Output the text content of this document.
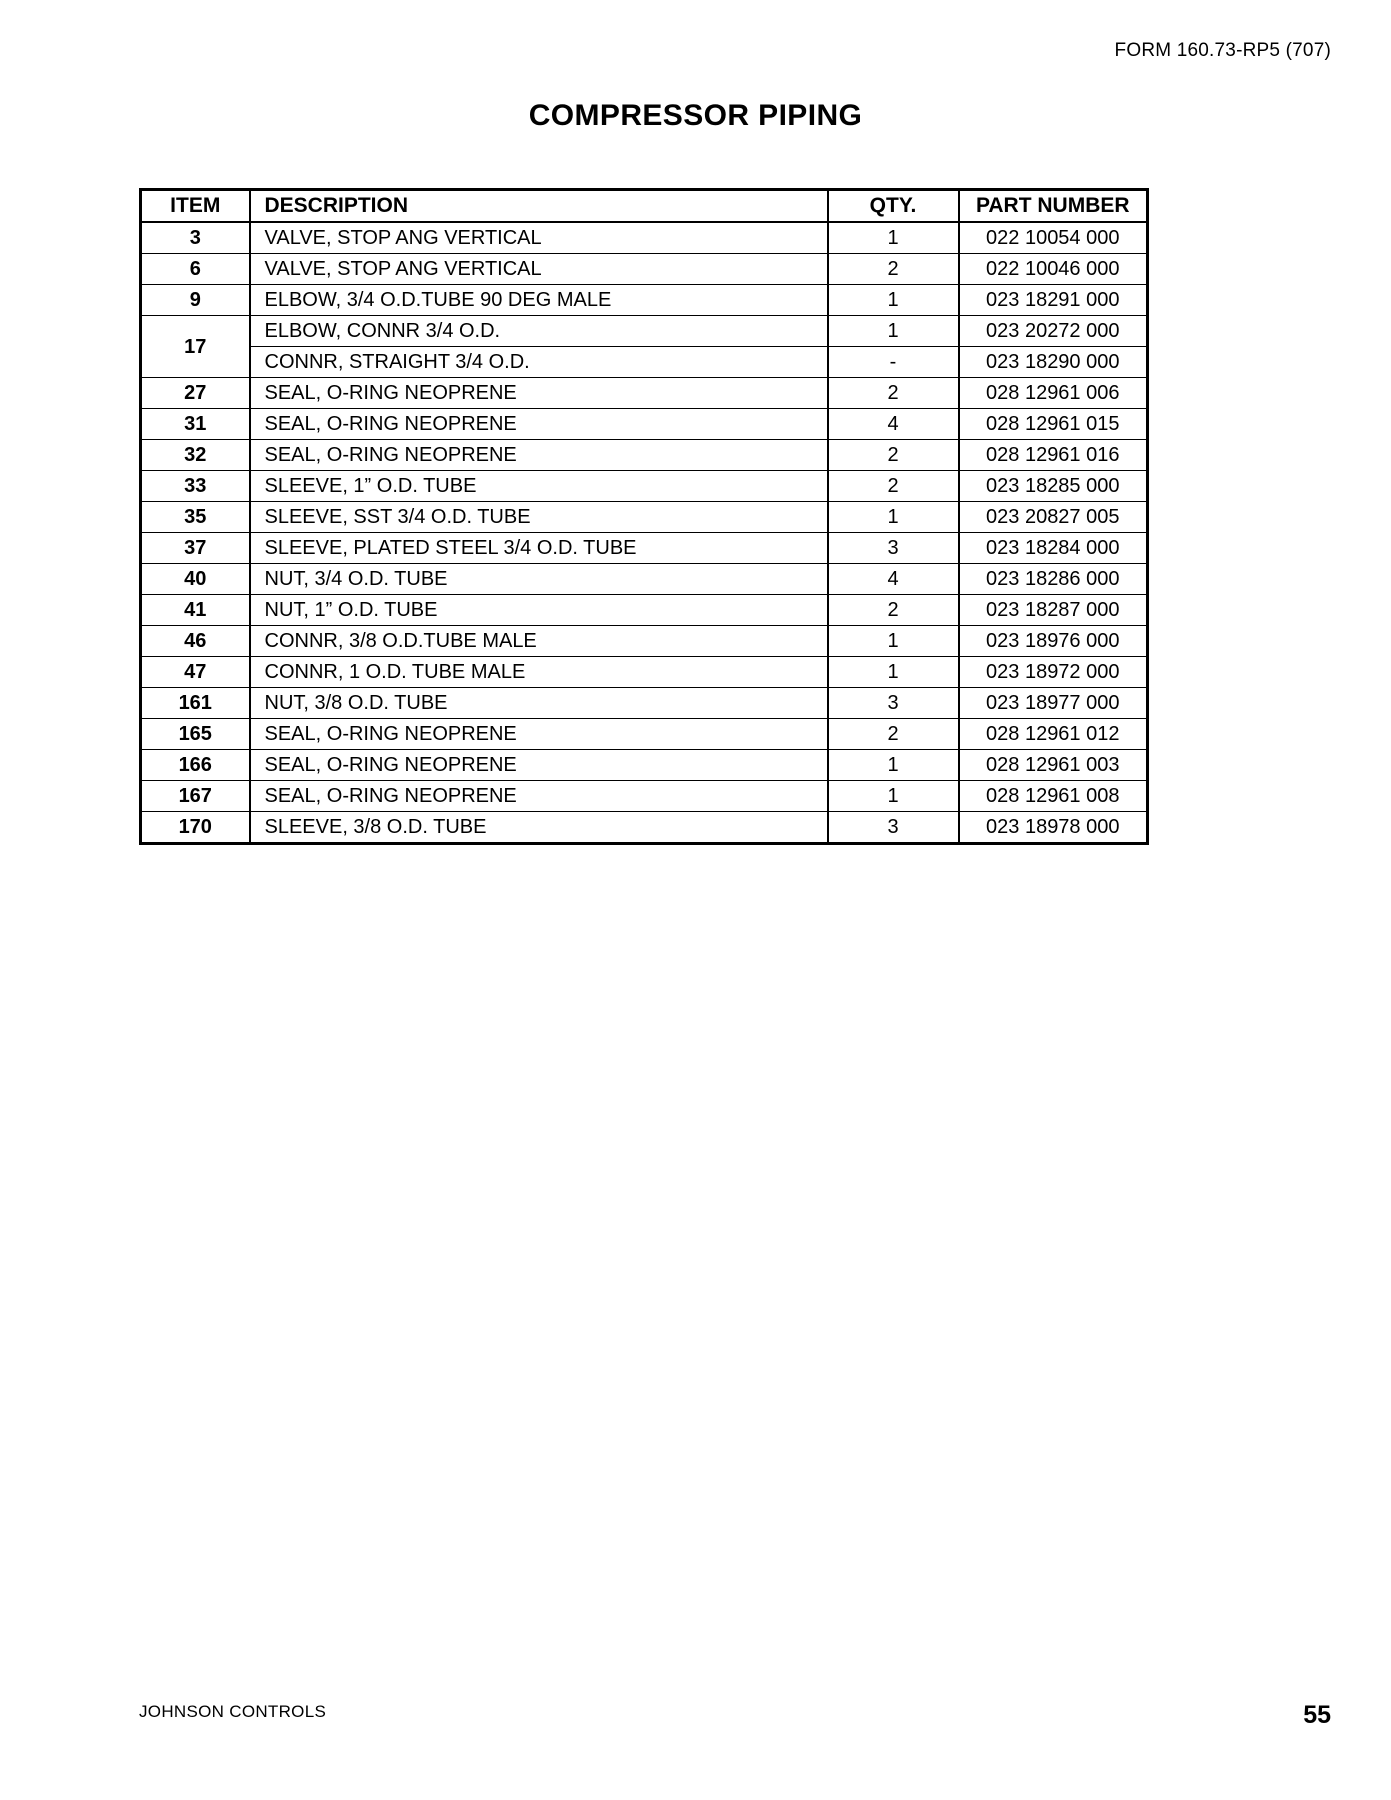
FORM 160.73-RP5 (707)
COMPRESSOR PIPING
ITEM	DESCRIPTION	QTY.	PART NUMBER
3	VALVE, STOP ANG VERTICAL	1	022 10054 000
6	VALVE, STOP ANG VERTICAL	2	022 10046 000
9	ELBOW, 3/4 O.D.TUBE 90 DEG MALE	1	023 18291 000
17	ELBOW, CONNR 3/4 O.D.	1	023 20272 000
	CONNR, STRAIGHT 3/4 O.D.	-	023 18290 000
27	SEAL, O-RING NEOPRENE	2	028 12961 006
31	SEAL, O-RING NEOPRENE	4	028 12961 015
32	SEAL, O-RING NEOPRENE	2	028 12961 016
33	SLEEVE, 1” O.D. TUBE	2	023 18285 000
35	SLEEVE, SST 3/4 O.D. TUBE	1	023 20827 005
37	SLEEVE, PLATED STEEL 3/4 O.D. TUBE	3	023 18284 000
40	NUT, 3/4 O.D. TUBE	4	023 18286 000
41	NUT, 1” O.D. TUBE	2	023 18287 000
46	CONNR, 3/8 O.D.TUBE MALE	1	023 18976 000
47	CONNR, 1 O.D. TUBE MALE	1	023 18972 000
161	NUT, 3/8 O.D. TUBE	3	023 18977 000
165	SEAL, O-RING NEOPRENE	2	028 12961 012
166	SEAL, O-RING NEOPRENE	1	028 12961 003
167	SEAL, O-RING NEOPRENE	1	028 12961 008
170	SLEEVE, 3/8 O.D. TUBE	3	023 18978 000
JOHNSON CONTROLS	55
